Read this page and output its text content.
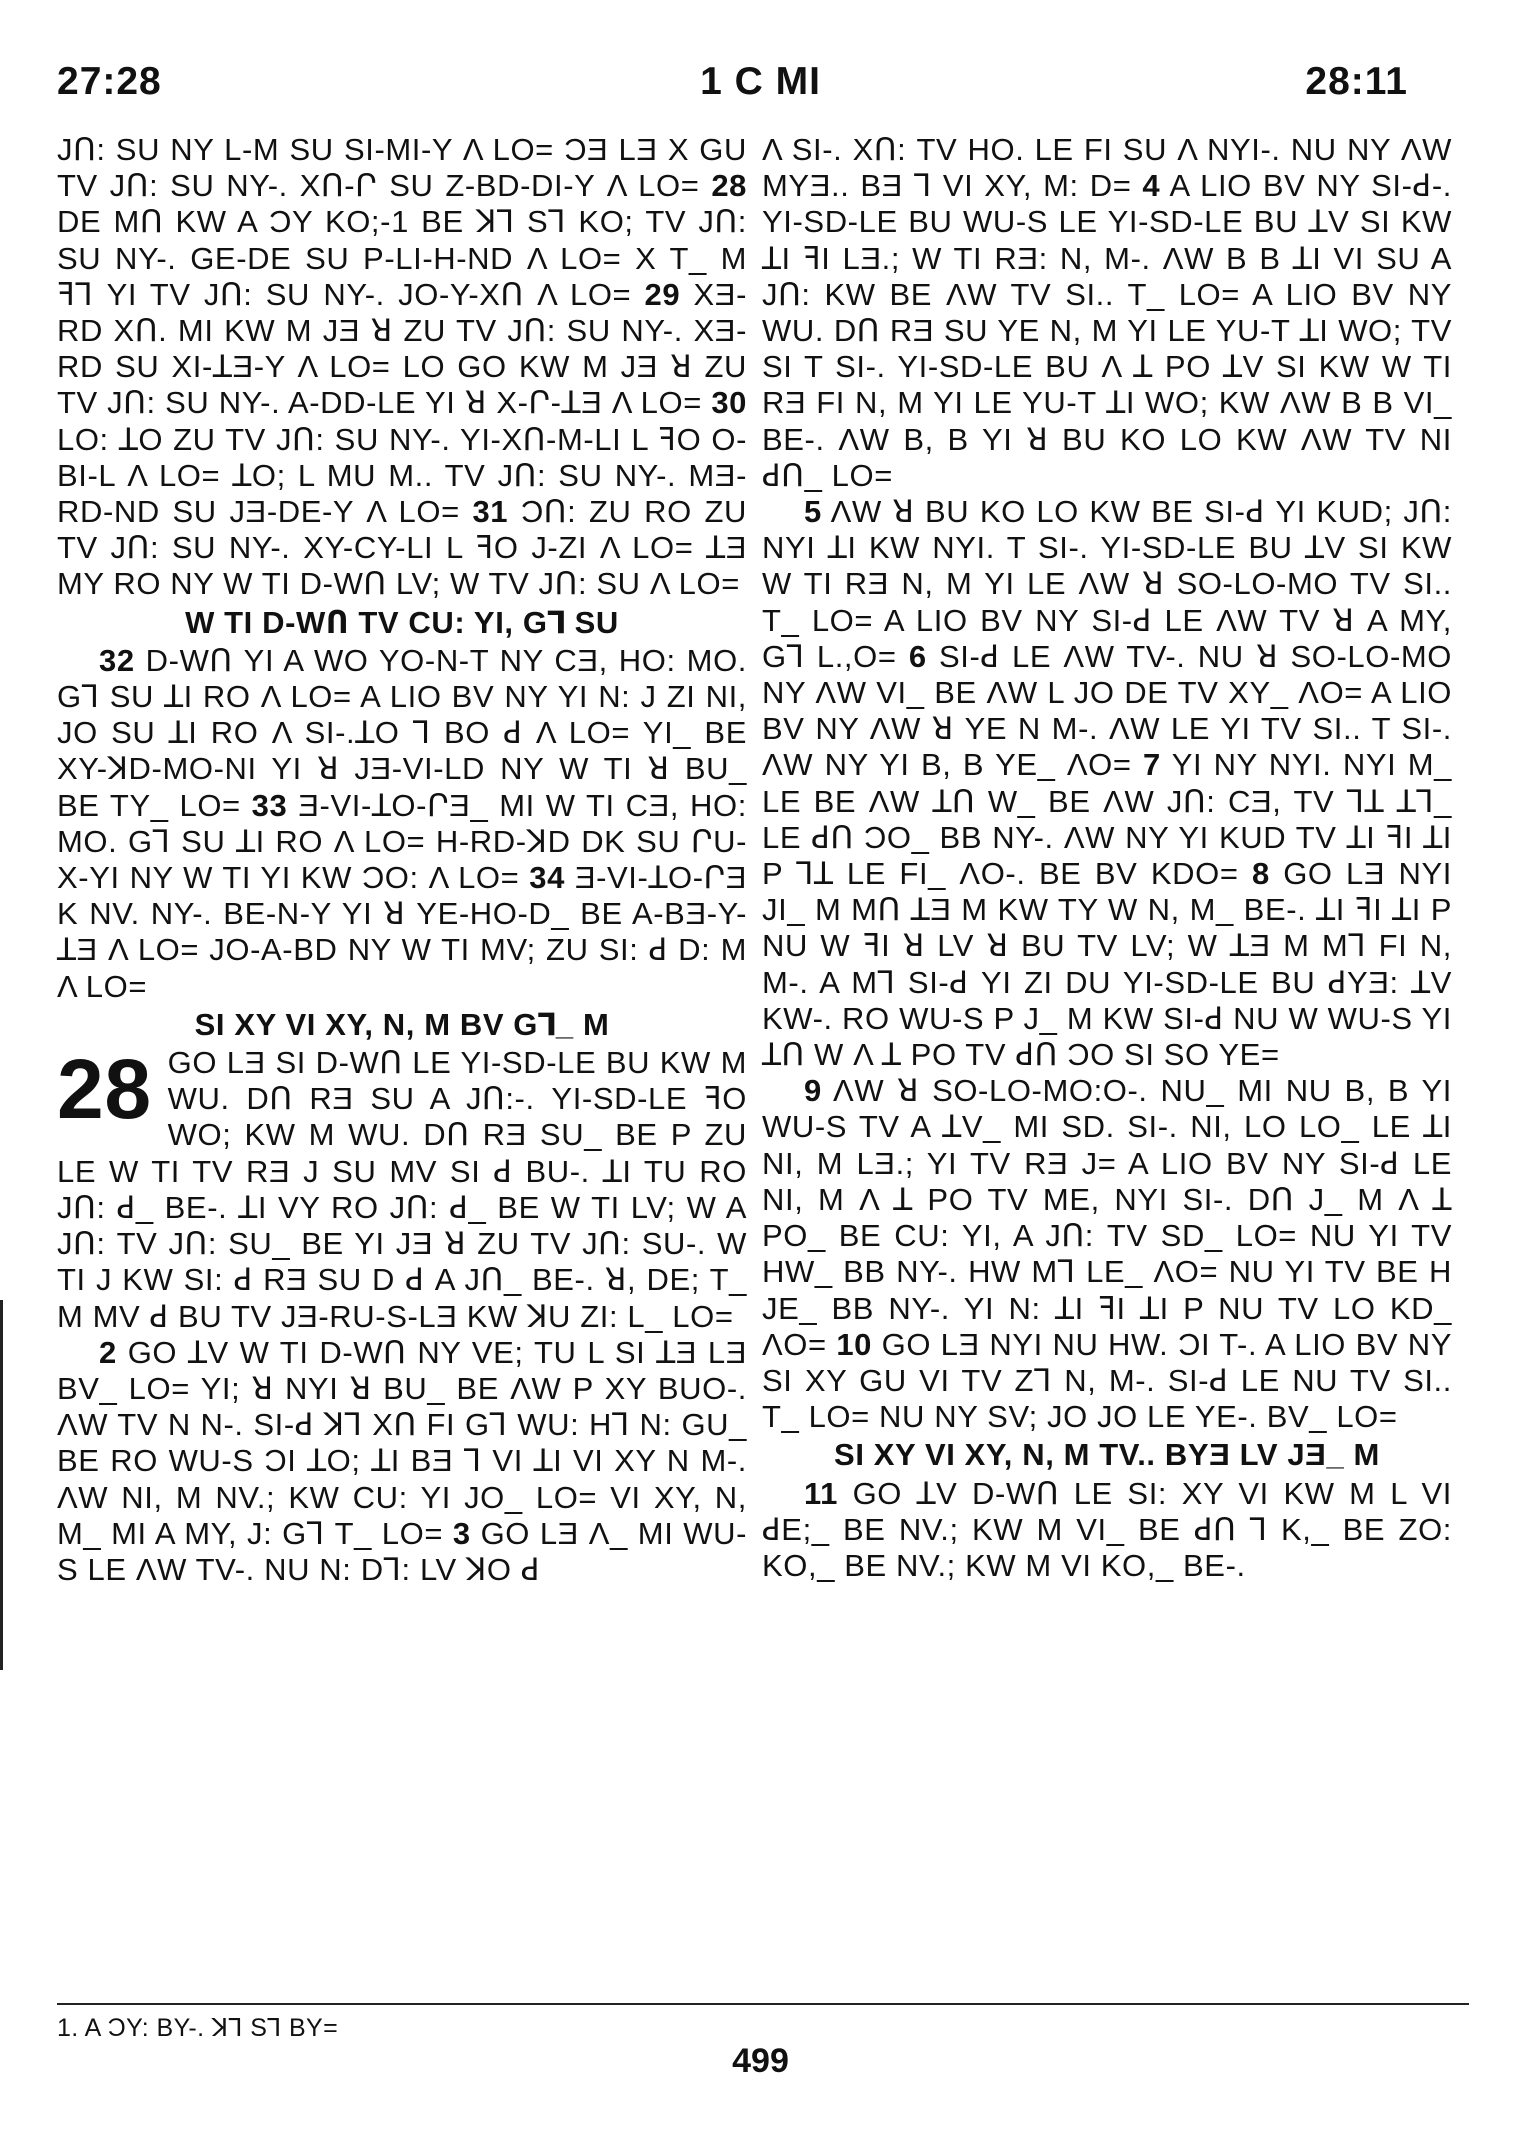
27:28	1 C MI	28:11

JՈ: SU NY L-M SU SI-MI-Y Λ LO= ϽƎ LƎ X GU TV JՈ: SU NY-. XՈ-Ր SU Z-BD-DI-Y Λ LO= 28 DE MՈ KW A ϽY KO;-1 BE ꓘꓶ Sꓶ KO; TV JՈ: SU NY-. GE-DE SU P-LI-H-ND Λ LO= X T_ M ꟻꓶ YI TV JՈ: SU NY-. JO-Y-XՈ Λ LO= 29 XƎ-RD XՈ. MI KW M JƎ ꓤ ZU TV JՈ: SU NY-. XƎ-RD SU XI-ꓕƎ-Y Λ LO= LO GO KW M JƎ ꓤ ZU TV JՈ: SU NY-. A-DD-LE YI ꓤ X-Ր-ꓕƎ Λ LO= 30 LO: ꓕO ZU TV JՈ: SU NY-. YI-XՈ-M-LI L ꟻO O-BI-L Λ LO= ꓕO; L MU M.. TV JՈ: SU NY-. MƎ-RD-ND SU JƎ-DE-Y Λ LO= 31 ϽՈ: ZU RO ZU TV JՈ: SU NY-. XY-CY-LI L ꟻO J-ZI Λ LO= ꓕƎ MY RO NY W TI D-WՈ LV; W TV JՈ: SU Λ LO=

W TI D-WՈ TV CU: YI, Gꓶ SU

32 D-WՈ YI A WO YO-N-T NY CƎ, HO: MO. Gꓶ SU ꓕI RO Λ LO= A LIO BV NY YI N: J ZI NI, JO SU ꓕI RO Λ SI-.ꓕO ꓶ BO ꓒ Λ LO= YI_ BE XY-ꓘD-MO-NI YI ꓤ JƎ-VI-LD NY W TI ꓤ BU_ BE TY_ LO= 33 Ǝ-VI-ꓕO-ՐƎ_ MI W TI CƎ, HO: MO. Gꓶ SU ꓕI RO Λ LO= H-RD-ꓘD DK SU ՐU-X-YI NY W TI YI KW ϽO: Λ LO= 34 Ǝ-VI-ꓕO-ՐƎ K NV. NY-. BE-N-Y YI ꓤ YE-HO-D_ BE A-BƎ-Y-ꓕƎ Λ LO= JO-A-BD NY W TI MV; ZU SI: ꓒ D: M Λ LO=

SI XY VI XY, N, M BV Gꓶ_ M

28 GO LƎ SI D-WՈ LE YI-SD-LE BU KW M WU. DՈ RƎ SU A JՈ:-. YI-SD-LE ꟻO WO; KW M WU. DՈ RƎ SU_ BE P ZU LE W TI TV RƎ J SU MV SI ꓒ BU-. ꓕI TU RO JՈ: ꓒ_ BE-. ꓕI VY RO JՈ: ꓒ_ BE W TI LV; W A JՈ: TV JՈ: SU_ BE YI JƎ ꓤ ZU TV JՈ: SU-. W TI J KW SI: ꓒ RƎ SU D ꓒ A JՈ_ BE-. ꓤ, DE; T_ M MV ꓒ BU TV JƎ-RU-S-LƎ KW ꓘU ZI: L_ LO=

2 GO ꓕV W TI D-WՈ NY VE; TU L SI ꓕƎ LƎ BV_ LO= YI; ꓤ NYI ꓤ BU_ BE ΛW P XY BUO-. ΛW TV N N-. SI-ꓒ ꓘꓶ XՈ FI Gꓶ WU: Hꓶ N: GU_ BE RO WU-S ϽI ꓕO; ꓕI BƎ ꓶ VI ꓕI VI XY N M-. ΛW NI, M NV.; KW CU: YI JO_ LO= VI XY, N, M_ MI A MY, J: Gꓶ T_ LO= 3 GO LƎ Λ_ MI WU-S LE ΛW TV-. NU N: Dꓶ: LV ꓘO ꓒ

Λ SI-. XՈ: TV HO. LE FI SU Λ NYI-. NU NY ΛW MYƎ.. BƎ ꓶ VI XY, M: D= 4 A LIO BV NY SI-ꓒ-. YI-SD-LE BU WU-S LE YI-SD-LE BU ꓕV SI KW ꓕI ꟻI LƎ.; W TI RƎ: N, M-. ΛW B B ꓕI VI SU A JՈ: KW BE ΛW TV SI.. T_ LO= A LIO BV NY WU. DՈ RƎ SU YE N, M YI LE YU-T ꓕI WO; TV SI T SI-. YI-SD-LE BU Λ ꓕ PO ꓕV SI KW W TI RƎ FI N, M YI LE YU-T ꓕI WO; KW ΛW B B VI_ BE-. ΛW B, B YI ꓤ BU KO LO KW ΛW TV NI ꓒՈ_ LO=

5 ΛW ꓤ BU KO LO KW BE SI-ꓒ YI KUD; JՈ: NYI ꓕI KW NYI. T SI-. YI-SD-LE BU ꓕV SI KW W TI RƎ N, M YI LE ΛW ꓤ SO-LO-MO TV SI.. T_ LO= A LIO BV NY SI-ꓒ LE ΛW TV ꓤ A MY, Gꓶ L.,O= 6 SI-ꓒ LE ΛW TV-. NU ꓤ SO-LO-MO NY ΛW VI_ BE ΛW L JO DE TV XY_ ΛO= A LIO BV NY ΛW ꓤ YE N M-. ΛW LE YI TV SI.. T SI-. ΛW NY YI B, B YE_ ΛO= 7 YI NY NYI. NYI M_ LE BE ΛW ꓕՈ W_ BE ΛW JՈ: CƎ, TV ꓶꓕ ꓕꓶ_ LE ꓒՈ ϽO_ BB NY-. ΛW NY YI KUD TV ꓕI ꟻI ꓕI P ꓶꓕ LE FI_ ΛO-. BE BV KDO= 8 GO LƎ NYI JI_ M MՈ ꓕƎ M KW TY W N, M_ BE-. ꓕI ꟻI ꓕI P NU W ꟻI ꓤ LV ꓤ BU TV LV; W ꓕƎ M Mꓶ FI N, M-. A Mꓶ SI-ꓒ YI ZI DU YI-SD-LE BU ꓒYƎ: ꓕV KW-. RO WU-S P J_ M KW SI-ꓒ NU W WU-S YI ꓕՈ W Λ ꓕ PO TV ꓒՈ ϽO SI SO YE=

9 ΛW ꓤ SO-LO-MO:O-. NU_ MI NU B, B YI WU-S TV A ꓕV_ MI SD. SI-. NI, LO LO_ LE ꓕI NI, M LƎ.; YI TV RƎ J= A LIO BV NY SI-ꓒ LE NI, M Λ ꓕ PO TV ME, NYI SI-. DՈ J_ M Λ ꓕ PO_ BE CU: YI, A JՈ: TV SD_ LO= NU YI TV HW_ BB NY-. HW Mꓶ LE_ ΛO= NU YI TV BE H JE_ BB NY-. YI N: ꓕI ꟻI ꓕI P NU TV LO KD_ ΛO= 10 GO LƎ NYI NU HW. ϽI T-. A LIO BV NY SI XY GU VI TV Zꓶ N, M-. SI-ꓒ LE NU TV SI.. T_ LO= NU NY SV; JO JO LE YE-. BV_ LO=

SI XY VI XY, N, M TV.. BYƎ LV JƎ_ M

11 GO ꓕV D-WՈ LE SI: XY VI KW M L VI ꓒE;_ BE NV.; KW M VI_ BE ꓒՈ ꓶ K,_ BE ZO: KO,_ BE NV.; KW M VI KO,_ BE-.

1. A ϽY: BY-. ꓘꓶ Sꓶ BY=
499
